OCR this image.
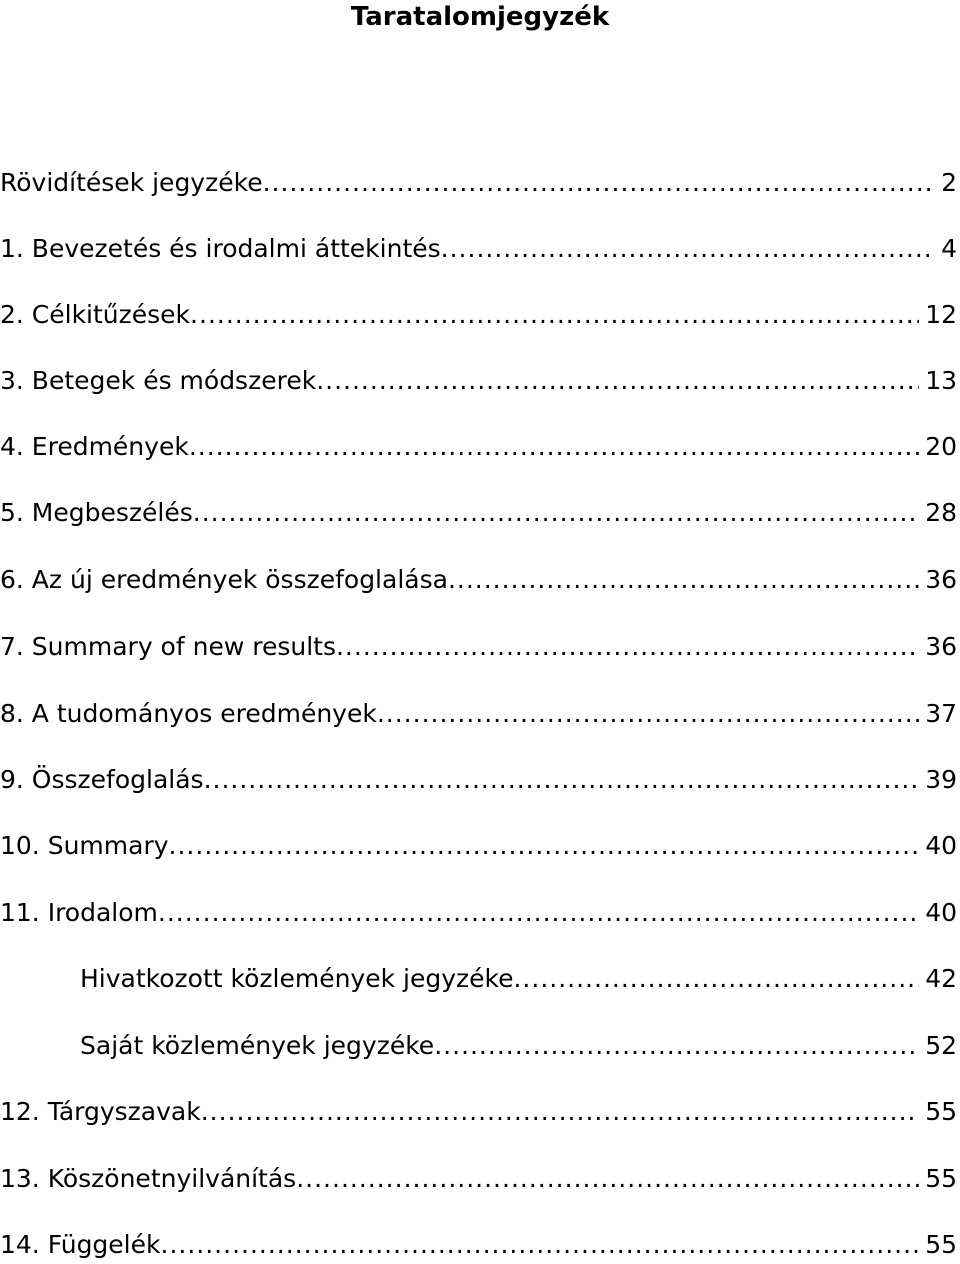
Taratalomjegyzék
Rövidítések jegyzéke .....	2
1. Bevezetés és irodalmi áttekintés .....	4
2. Célkitűzések .....	12
3. Betegek és módszerek .....	13
4. Eredmények .....	20
5. Megbeszélés .....	28
6. Az új eredmények összefoglalása .....	36
7. Summary of new results .....	36
8. A tudományos eredmények .....	37
9. Összefoglalás .....	39
10. Summary .....	40
11. Irodalom .....	40
Hivatkozott közlemények jegyzéke .....	42
Saját közlemények jegyzéke .....	52
12. Tárgyszavak .....	55
13. Köszönetnyilvánítás .....	55
14. Függelék .....	55
